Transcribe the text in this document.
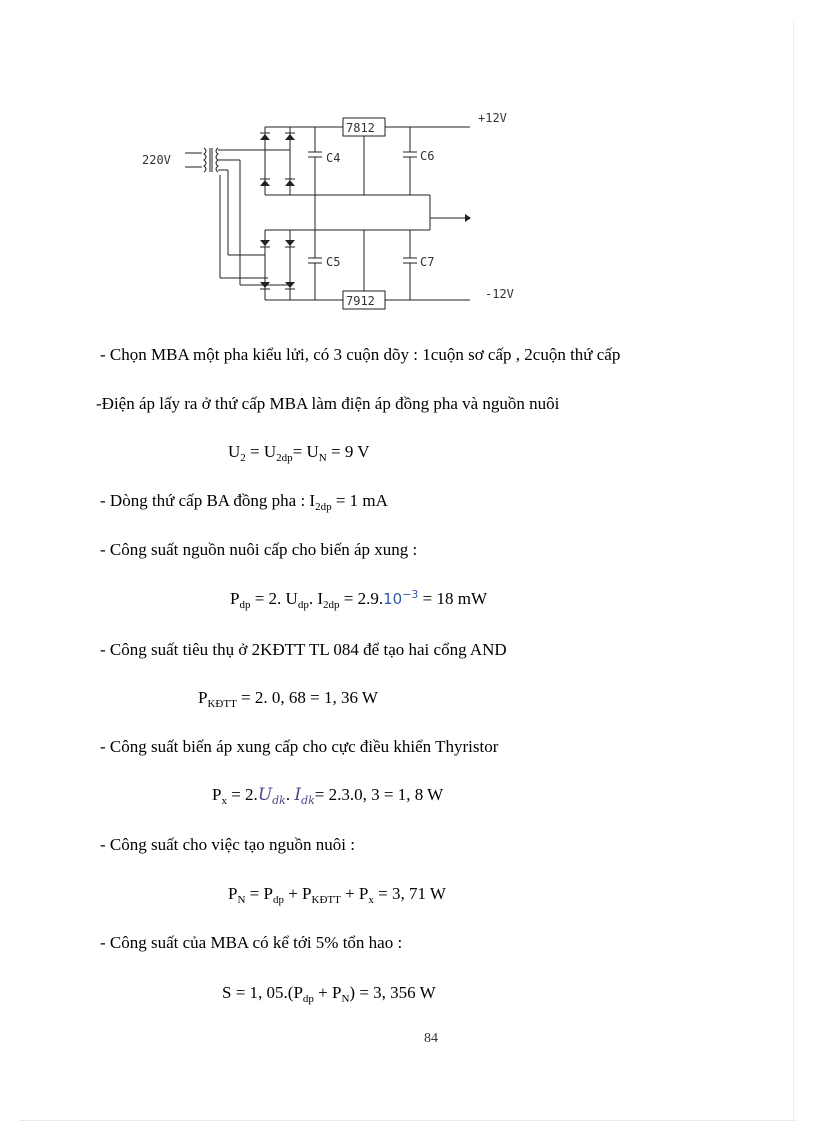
220V	C4
C5
C6
C7
7812
7912
+12V
-12V
- Chọn MBA một pha kiểu lửi, có 3 cuộn dõy : 1cuộn sơ cấp , 2cuộn thứ cấp
-Điện áp lấy ra ở thứ cấp MBA làm điện áp đồng pha và nguồn nuôi
$U_2 = U_{2dp}= U_N = 9$ V
- Dòng thứ cấp BA đồng pha : $I_{2dp} = 1$ mA
- Công suất nguồn nuôi cấp cho biến áp xung :
$P_{dp} = 2$. $U_{dp}$. $I_{2dp} = 2.9.10^{-3} = 18$ mW
- Công suất tiêu thụ ở 2KĐTT TL 084 để tạo hai cổng AND
$P_{KĐTT} = 2$. 0, 68 = 1, 36 W
- Công suất biến áp xung cấp cho cực điều khiển Thyristor
$P_x = 2.U_{dk}$. $I_{dk}= 2.3.0$, 3 = 1, 8 W
- Công suất cho việc tạo nguồn nuôi :
$P_N = P_{dp} + P_{KĐTT} + P_x = 3$, 71 W
- Công suất của MBA có kể tới 5% tổn hao :
S = 1, $05.(P_{dp} + P_N) = 3$, 356 W
84
